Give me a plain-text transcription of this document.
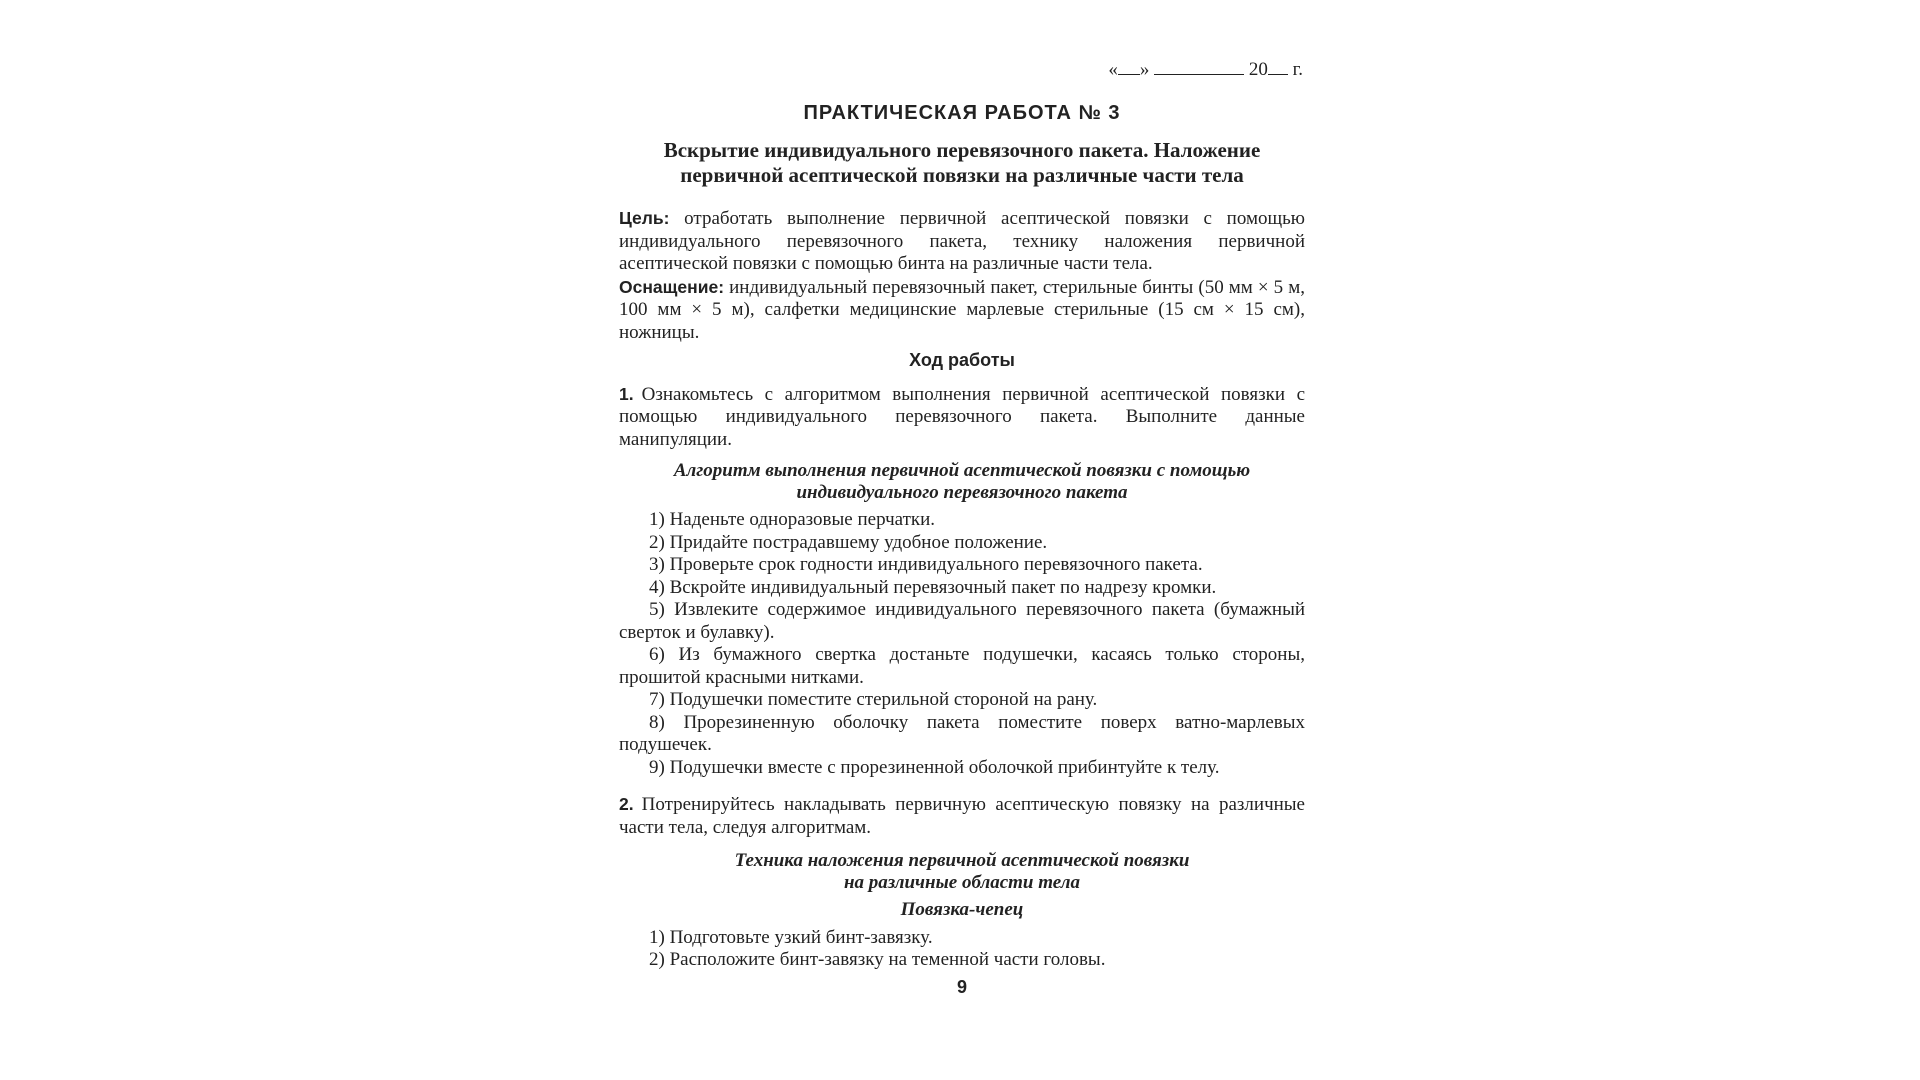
« »	20 г.
ПРАКТИЧЕСКАЯ РАБОТА № 3
Вскрытие индивидуального перевязочного пакета. Наложение
первичной асептической повязки на различные части тела
Цель: отработать выполнение первичной асептической повязки с помощью индивидуального перевязочного пакета, технику наложения первичной асептической повязки с помощью бинта на различные части тела.
Оснащение: индивидуальный перевязочный пакет, стерильные бинты (50 мм × 5 м, 100 мм × 5 м), салфетки медицинские марлевые стерильные (15 см × 15 см), ножницы.
Ход работы
1. Ознакомьтесь с алгоритмом выполнения первичной асептической повязки с помощью индивидуального перевязочного пакета. Выполните данные манипуляции.
Алгоритм выполнения первичной асептической повязки с помощью
индивидуального перевязочного пакета
1) Наденьте одноразовые перчатки.
2) Придайте пострадавшему удобное положение.
3) Проверьте срок годности индивидуального перевязочного пакета.
4) Вскройте индивидуальный перевязочный пакет по надрезу кромки.
5) Извлеките содержимое индивидуального перевязочного пакета (бумажный сверток и булавку).
6) Из бумажного свертка достаньте подушечки, касаясь только стороны, прошитой красными нитками.
7) Подушечки поместите стерильной стороной на рану.
8) Прорезиненную оболочку пакета поместите поверх ватно-марлевых подушечек.
9) Подушечки вместе с прорезиненной оболочкой прибинтуйте к телу.
2. Потренируйтесь накладывать первичную асептическую повязку на различные части тела, следуя алгоритмам.
Техника наложения первичной асептической повязки
на различные области тела
Повязка-чепец
1) Подготовьте узкий бинт-завязку.
2) Расположите бинт-завязку на теменной части головы.
9
